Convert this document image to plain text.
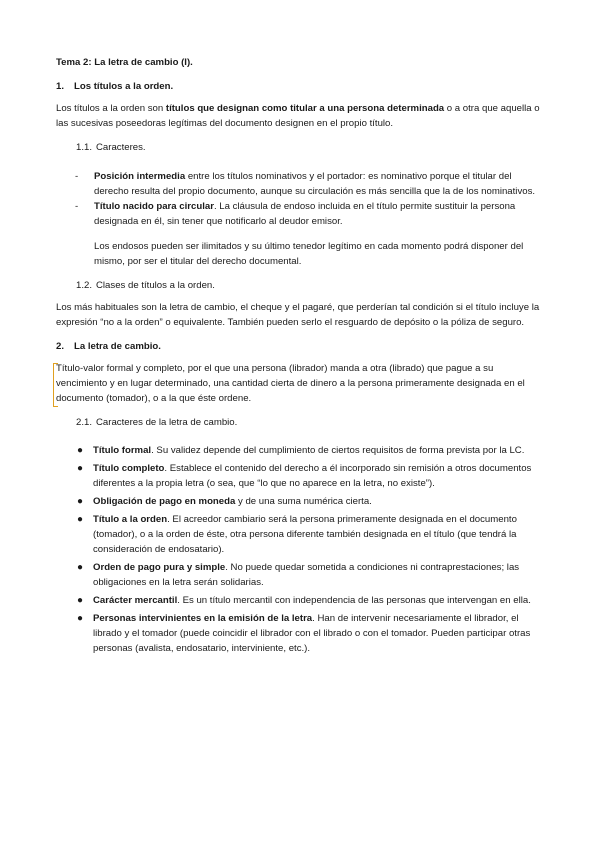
Tema 2: La letra de cambio (I).

1. Los títulos a la orden.

Los títulos a la orden son títulos que designan como titular a una persona determinada o a otra que aquella o las sucesivas poseedoras legítimas del documento designen en el propio título.

1.1. Caracteres.

- Posición intermedia entre los títulos nominativos y el portador: es nominativo porque el titular del derecho resulta del propio documento, aunque su circulación es más sencilla que la de los nominativos.
- Título nacido para circular. La cláusula de endoso incluida en el título permite sustituir la persona designada en él, sin tener que notificarlo al deudor emisor.

Los endosos pueden ser ilimitados y su último tenedor legítimo en cada momento podrá disponer del mismo, por ser el titular del derecho documental.

1.2. Clases de títulos a la orden.

Los más habituales son la letra de cambio, el cheque y el pagaré, que perderían tal condición si el título incluye la expresión “no a la orden” o equivalente. También pueden serlo el resguardo de depósito o la póliza de seguro.

2. La letra de cambio.

Título-valor formal y completo, por el que una persona (librador) manda a otra (librado) que pague a su vencimiento y en lugar determinado, una cantidad cierta de dinero a la persona primeramente designada en el documento (tomador), o a la que éste ordene.

2.1. Caracteres de la letra de cambio.

● Título formal. Su validez depende del cumplimiento de ciertos requisitos de forma prevista por la LC.
● Título completo. Establece el contenido del derecho a él incorporado sin remisión a otros documentos diferentes a la propia letra (o sea, que “lo que no aparece en la letra, no existe”).
● Obligación de pago en moneda y de una suma numérica cierta.
● Título a la orden. El acreedor cambiario será la persona primeramente designada en el documento (tomador), o a la orden de éste, otra persona diferente también designada en el título (que tendrá la consideración de endosatario).
● Orden de pago pura y simple. No puede quedar sometida a condiciones ni contraprestaciones; las obligaciones en la letra serán solidarias.
● Carácter mercantil. Es un título mercantil con independencia de las personas que intervengan en ella.
● Personas intervinientes en la emisión de la letra. Han de intervenir necesariamente el librador, el librado y el tomador (puede coincidir el librador con el librado o con el tomador. Pueden participar otras personas (avalista, endosatario, interviniente, etc.).
